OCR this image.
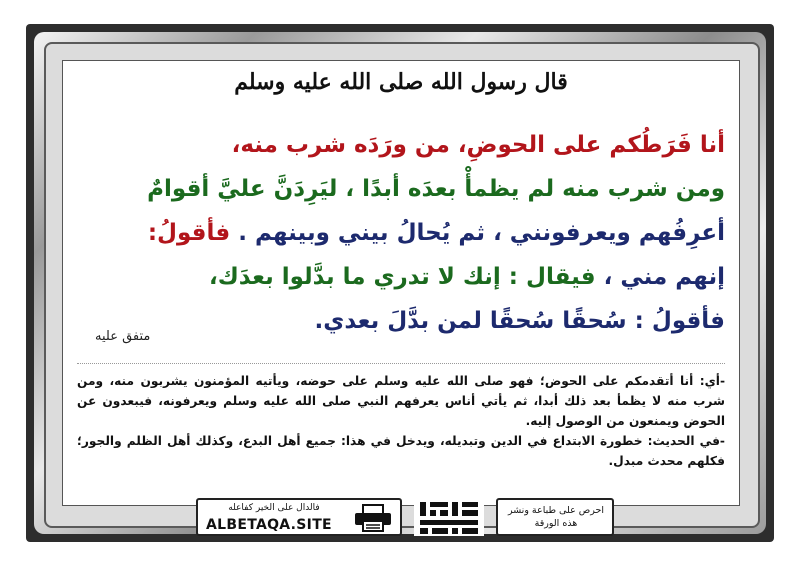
قال رسول الله صلى الله عليه وسلم
أنا فَرَطُكم على الحوضِ، من ورَدَه شرب منه،
ومن شرب منه لم يظمأْ بعدَه أبدًا ، ليَرِدَنَّ عليَّ أقوامٌ
أعرِفُهم ويعرفونني ، ثم يُحالُ بيني وبينهم . فأقولُ:
إنهم مني ، فيقال : إنك لا تدري ما بدَّلوا بعدَك،
فأقولُ : سُحقًا سُحقًا لمن بدَّلَ بعدي.
متفق عليه

-أي: أنا أتقدمكم على الحوض؛ فهو صلى الله عليه وسلم على حوضه، ويأتيه المؤمنون يشربون منه، ومن شرب منه لا يظمأ بعد ذلك أبدا، ثم يأتي أناس يعرفهم النبي صلى الله عليه وسلم ويعرفونه، فيبعدون عن الحوض ويمنعون من الوصول إليه.

-في الحديث: خطورة الابتداع في الدين وتبديله، ويدخل في هذا: جميع أهل البدع، وكذلك أهل الظلم والجور؛ فكلهم محدث مبدل.

فالدال على الخير كفاعله
ALBETAQA.SITE
احرص على طباعة ونشر هذه الورقة
